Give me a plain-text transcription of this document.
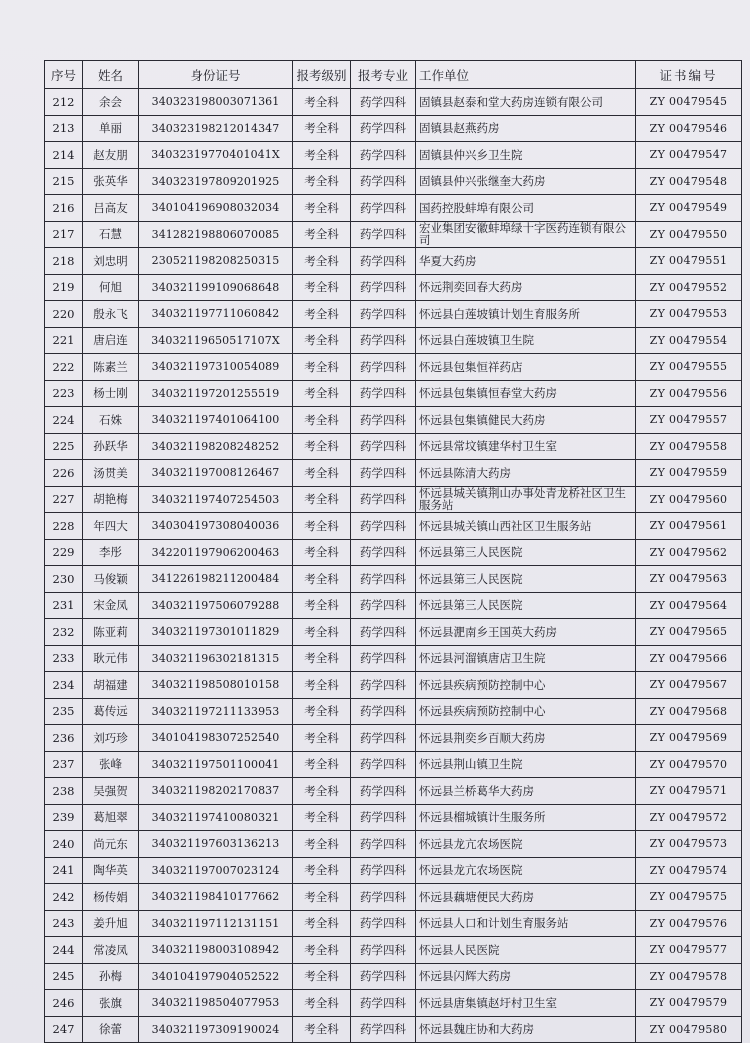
序号	姓名	身份证号	报考级别	报考专业	工作单位	证书编号
212	余会	340323198003071361	考全科	药学四科	固镇县赵泰和堂大药房连锁有限公司	ZY 00479545
213	单丽	340323198212014347	考全科	药学四科	固镇县赵燕药房	ZY 00479546
214	赵友朋	34032319770401041X	考全科	药学四科	固镇县仲兴乡卫生院	ZY 00479547
215	张英华	340323197809201925	考全科	药学四科	固镇县仲兴张继奎大药房	ZY 00479548
216	吕高友	340104196908032034	考全科	药学四科	国药控股蚌埠有限公司	ZY 00479549
217	石慧	341282198806070085	考全科	药学四科	宏业集团安徽蚌埠绿十字医药连锁有限公司	ZY 00479550
218	刘忠明	230521198208250315	考全科	药学四科	华夏大药房	ZY 00479551
219	何旭	340321199109068648	考全科	药学四科	怀远荆奕回春大药房	ZY 00479552
220	殷永飞	340321197711060842	考全科	药学四科	怀远县白莲坡镇计划生育服务所	ZY 00479553
221	唐启连	34032119650517107X	考全科	药学四科	怀远县白莲坡镇卫生院	ZY 00479554
222	陈素兰	340321197310054089	考全科	药学四科	怀远县包集恒祥药店	ZY 00479555
223	杨士刚	340321197201255519	考全科	药学四科	怀远县包集镇恒春堂大药房	ZY 00479556
224	石姝	340321197401064100	考全科	药学四科	怀远县包集镇健民大药房	ZY 00479557
225	孙跃华	340321198208248252	考全科	药学四科	怀远县常坟镇建华村卫生室	ZY 00479558
226	汤贯美	340321197008126467	考全科	药学四科	怀远县陈清大药房	ZY 00479559
227	胡艳梅	340321197407254503	考全科	药学四科	怀远县城关镇荆山办事处青龙桥社区卫生服务站	ZY 00479560
228	年四大	340304197308040036	考全科	药学四科	怀远县城关镇山西社区卫生服务站	ZY 00479561
229	李彤	342201197906200463	考全科	药学四科	怀远县第三人民医院	ZY 00479562
230	马俊颖	341226198211200484	考全科	药学四科	怀远县第三人民医院	ZY 00479563
231	宋金凤	340321197506079288	考全科	药学四科	怀远县第三人民医院	ZY 00479564
232	陈亚莉	340321197301011829	考全科	药学四科	怀远县淝南乡王国英大药房	ZY 00479565
233	耿元伟	340321196302181315	考全科	药学四科	怀远县河溜镇唐店卫生院	ZY 00479566
234	胡福建	340321198508010158	考全科	药学四科	怀远县疾病预防控制中心	ZY 00479567
235	葛传远	340321197211133953	考全科	药学四科	怀远县疾病预防控制中心	ZY 00479568
236	刘巧珍	340104198307252540	考全科	药学四科	怀远县荆奕乡百顺大药房	ZY 00479569
237	张峰	340321197501100041	考全科	药学四科	怀远县荆山镇卫生院	ZY 00479570
238	吴强贺	340321198202170837	考全科	药学四科	怀远县兰桥葛华大药房	ZY 00479571
239	葛旭翠	340321197410080321	考全科	药学四科	怀远县榴城镇计生服务所	ZY 00479572
240	尚元东	340321197603136213	考全科	药学四科	怀远县龙亢农场医院	ZY 00479573
241	陶华英	340321197007023124	考全科	药学四科	怀远县龙亢农场医院	ZY 00479574
242	杨传娟	340321198410177662	考全科	药学四科	怀远县藕塘便民大药房	ZY 00479575
243	姜升旭	340321197112131151	考全科	药学四科	怀远县人口和计划生育服务站	ZY 00479576
244	常凌凤	340321198003108942	考全科	药学四科	怀远县人民医院	ZY 00479577
245	孙梅	340104197904052522	考全科	药学四科	怀远县闪辉大药房	ZY 00479578
246	张旗	340321198504077953	考全科	药学四科	怀远县唐集镇赵圩村卫生室	ZY 00479579
247	徐蕾	340321197309190024	考全科	药学四科	怀远县魏庄协和大药房	ZY 00479580
